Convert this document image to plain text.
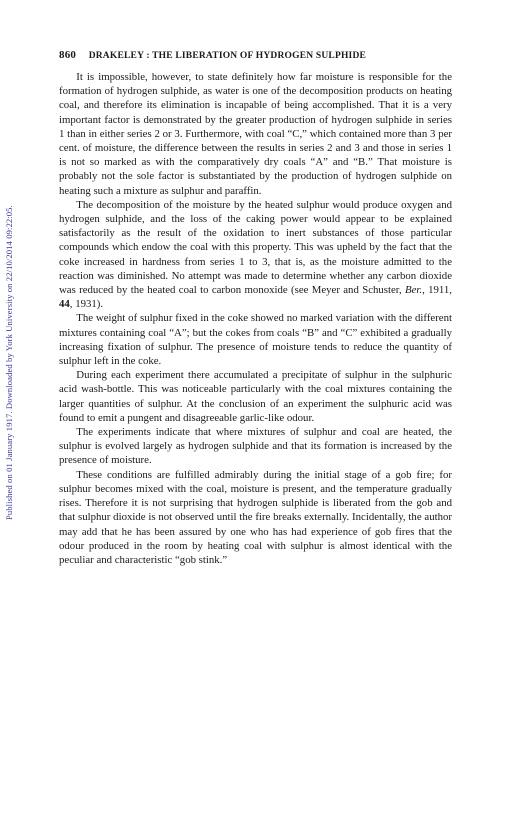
Published on 01 January 1917. Downloaded by York University on 22/10/2014 09:22:05.
860 DRAKELEY : THE LIBERATION OF HYDROGEN SULPHIDE

It is impossible, however, to state definitely how far moisture is responsible for the formation of hydrogen sulphide, as water is one of the decomposition products on heating coal, and therefore its elimination is incapable of being accomplished. That it is a very important factor is demonstrated by the greater production of hydrogen sulphide in series 1 than in either series 2 or 3. Furthermore, with coal “C,” which contained more than 3 per cent. of moisture, the difference between the results in series 2 and 3 and those in series 1 is not so marked as with the comparatively dry coals “A” and “B.” That moisture is probably not the sole factor is substantiated by the production of hydrogen sulphide on heating such a mixture as sulphur and paraffin.

The decomposition of the moisture by the heated sulphur would produce oxygen and hydrogen sulphide, and the loss of the caking power would appear to be explained satisfactorily as the result of the oxidation to inert substances of those particular compounds which endow the coal with this property. This was upheld by the fact that the coke increased in hardness from series 1 to 3, that is, as the moisture admitted to the reaction was diminished. No attempt was made to determine whether any carbon dioxide was reduced by the heated coal to carbon monoxide (see Meyer and Schuster, Ber., 1911, 44, 1931).

The weight of sulphur fixed in the coke showed no marked variation with the different mixtures containing coal “A”; but the cokes from coals “B” and “C” exhibited a gradually increasing fixation of sulphur. The presence of moisture tends to reduce the quantity of sulphur left in the coke.

During each experiment there accumulated a precipitate of sulphur in the sulphuric acid wash-bottle. This was noticeable particularly with the coal mixtures containing the larger quantities of sulphur. At the conclusion of an experiment the sulphuric acid was found to emit a pungent and disagreeable garlic-like odour.

The experiments indicate that where mixtures of sulphur and coal are heated, the sulphur is evolved largely as hydrogen sulphide and that its formation is increased by the presence of moisture.

These conditions are fulfilled admirably during the initial stage of a gob fire; for sulphur becomes mixed with the coal, moisture is present, and the temperature gradually rises. Therefore it is not surprising that hydrogen sulphide is liberated from the gob and that sulphur dioxide is not observed until the fire breaks externally. Incidentally, the author may add that he has been assured by one who has had experience of gob fires that the odour produced in the room by heating coal with sulphur is almost identical with the peculiar and characteristic “gob stink.”
